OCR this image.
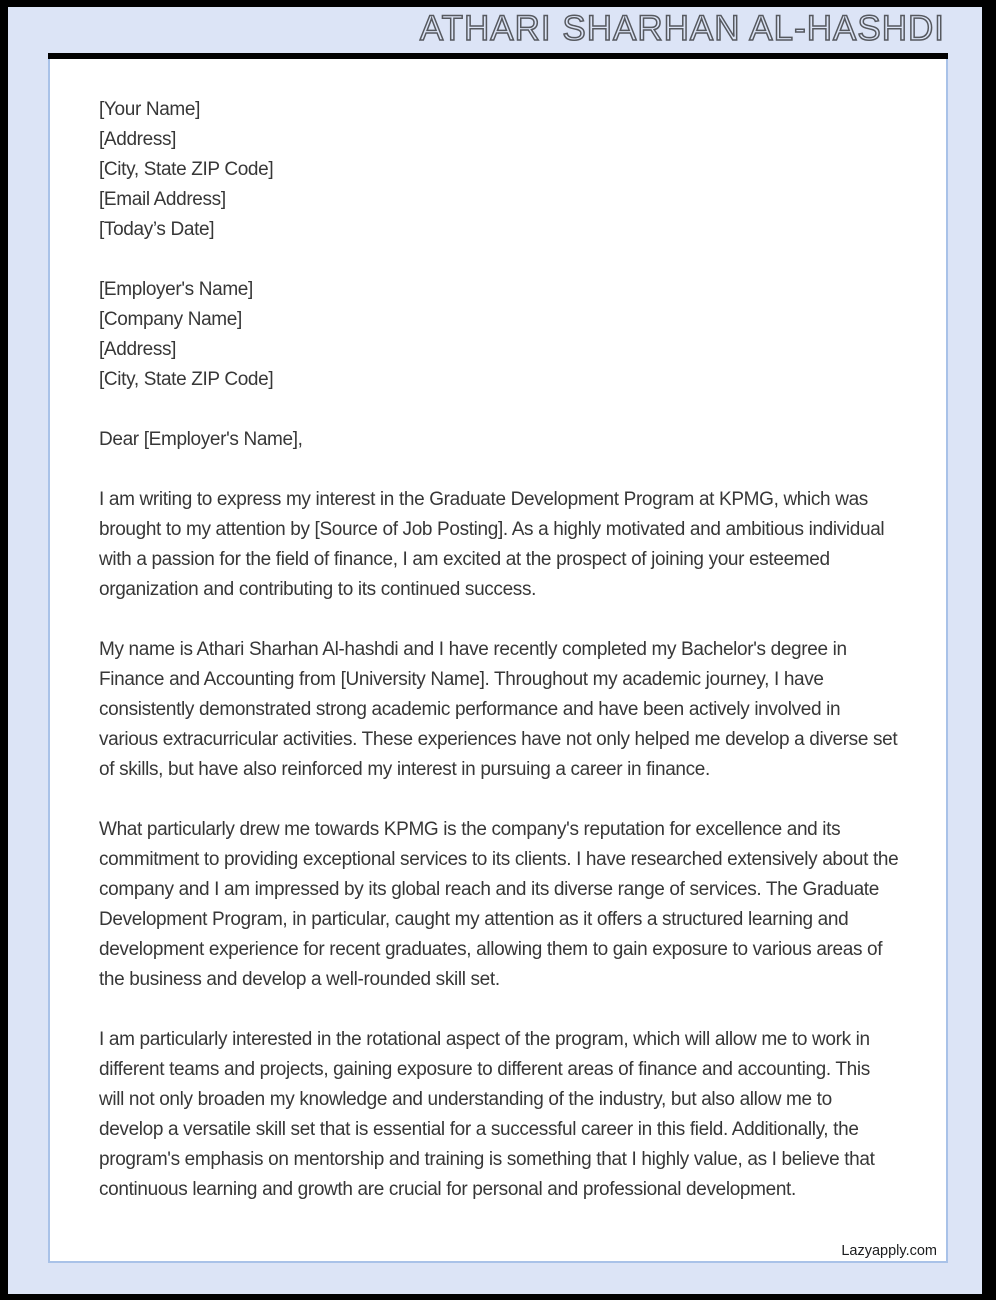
ATHARI SHARHAN AL-HASHDI
[Your Name]
[Address]
[City, State ZIP Code]
[Email Address]
[Today’s Date]
[Employer's Name]
[Company Name]
[Address]
[City, State ZIP Code]
Dear [Employer's Name],

I am writing to express my interest in the Graduate Development Program at KPMG, which was brought to my attention by [Source of Job Posting]. As a highly motivated and ambitious individual with a passion for the field of finance, I am excited at the prospect of joining your esteemed organization and contributing to its continued success.

My name is Athari Sharhan Al-hashdi and I have recently completed my Bachelor's degree in Finance and Accounting from [University Name]. Throughout my academic journey, I have consistently demonstrated strong academic performance and have been actively involved in various extracurricular activities. These experiences have not only helped me develop a diverse set of skills, but have also reinforced my interest in pursuing a career in finance.

What particularly drew me towards KPMG is the company's reputation for excellence and its commitment to providing exceptional services to its clients. I have researched extensively about the company and I am impressed by its global reach and its diverse range of services. The Graduate Development Program, in particular, caught my attention as it offers a structured learning and development experience for recent graduates, allowing them to gain exposure to various areas of the business and develop a well-rounded skill set.

I am particularly interested in the rotational aspect of the program, which will allow me to work in different teams and projects, gaining exposure to different areas of finance and accounting. This will not only broaden my knowledge and understanding of the industry, but also allow me to develop a versatile skill set that is essential for a successful career in this field. Additionally, the program's emphasis on mentorship and training is something that I highly value, as I believe that continuous learning and growth are crucial for personal and professional development.

Lazyapply.com
